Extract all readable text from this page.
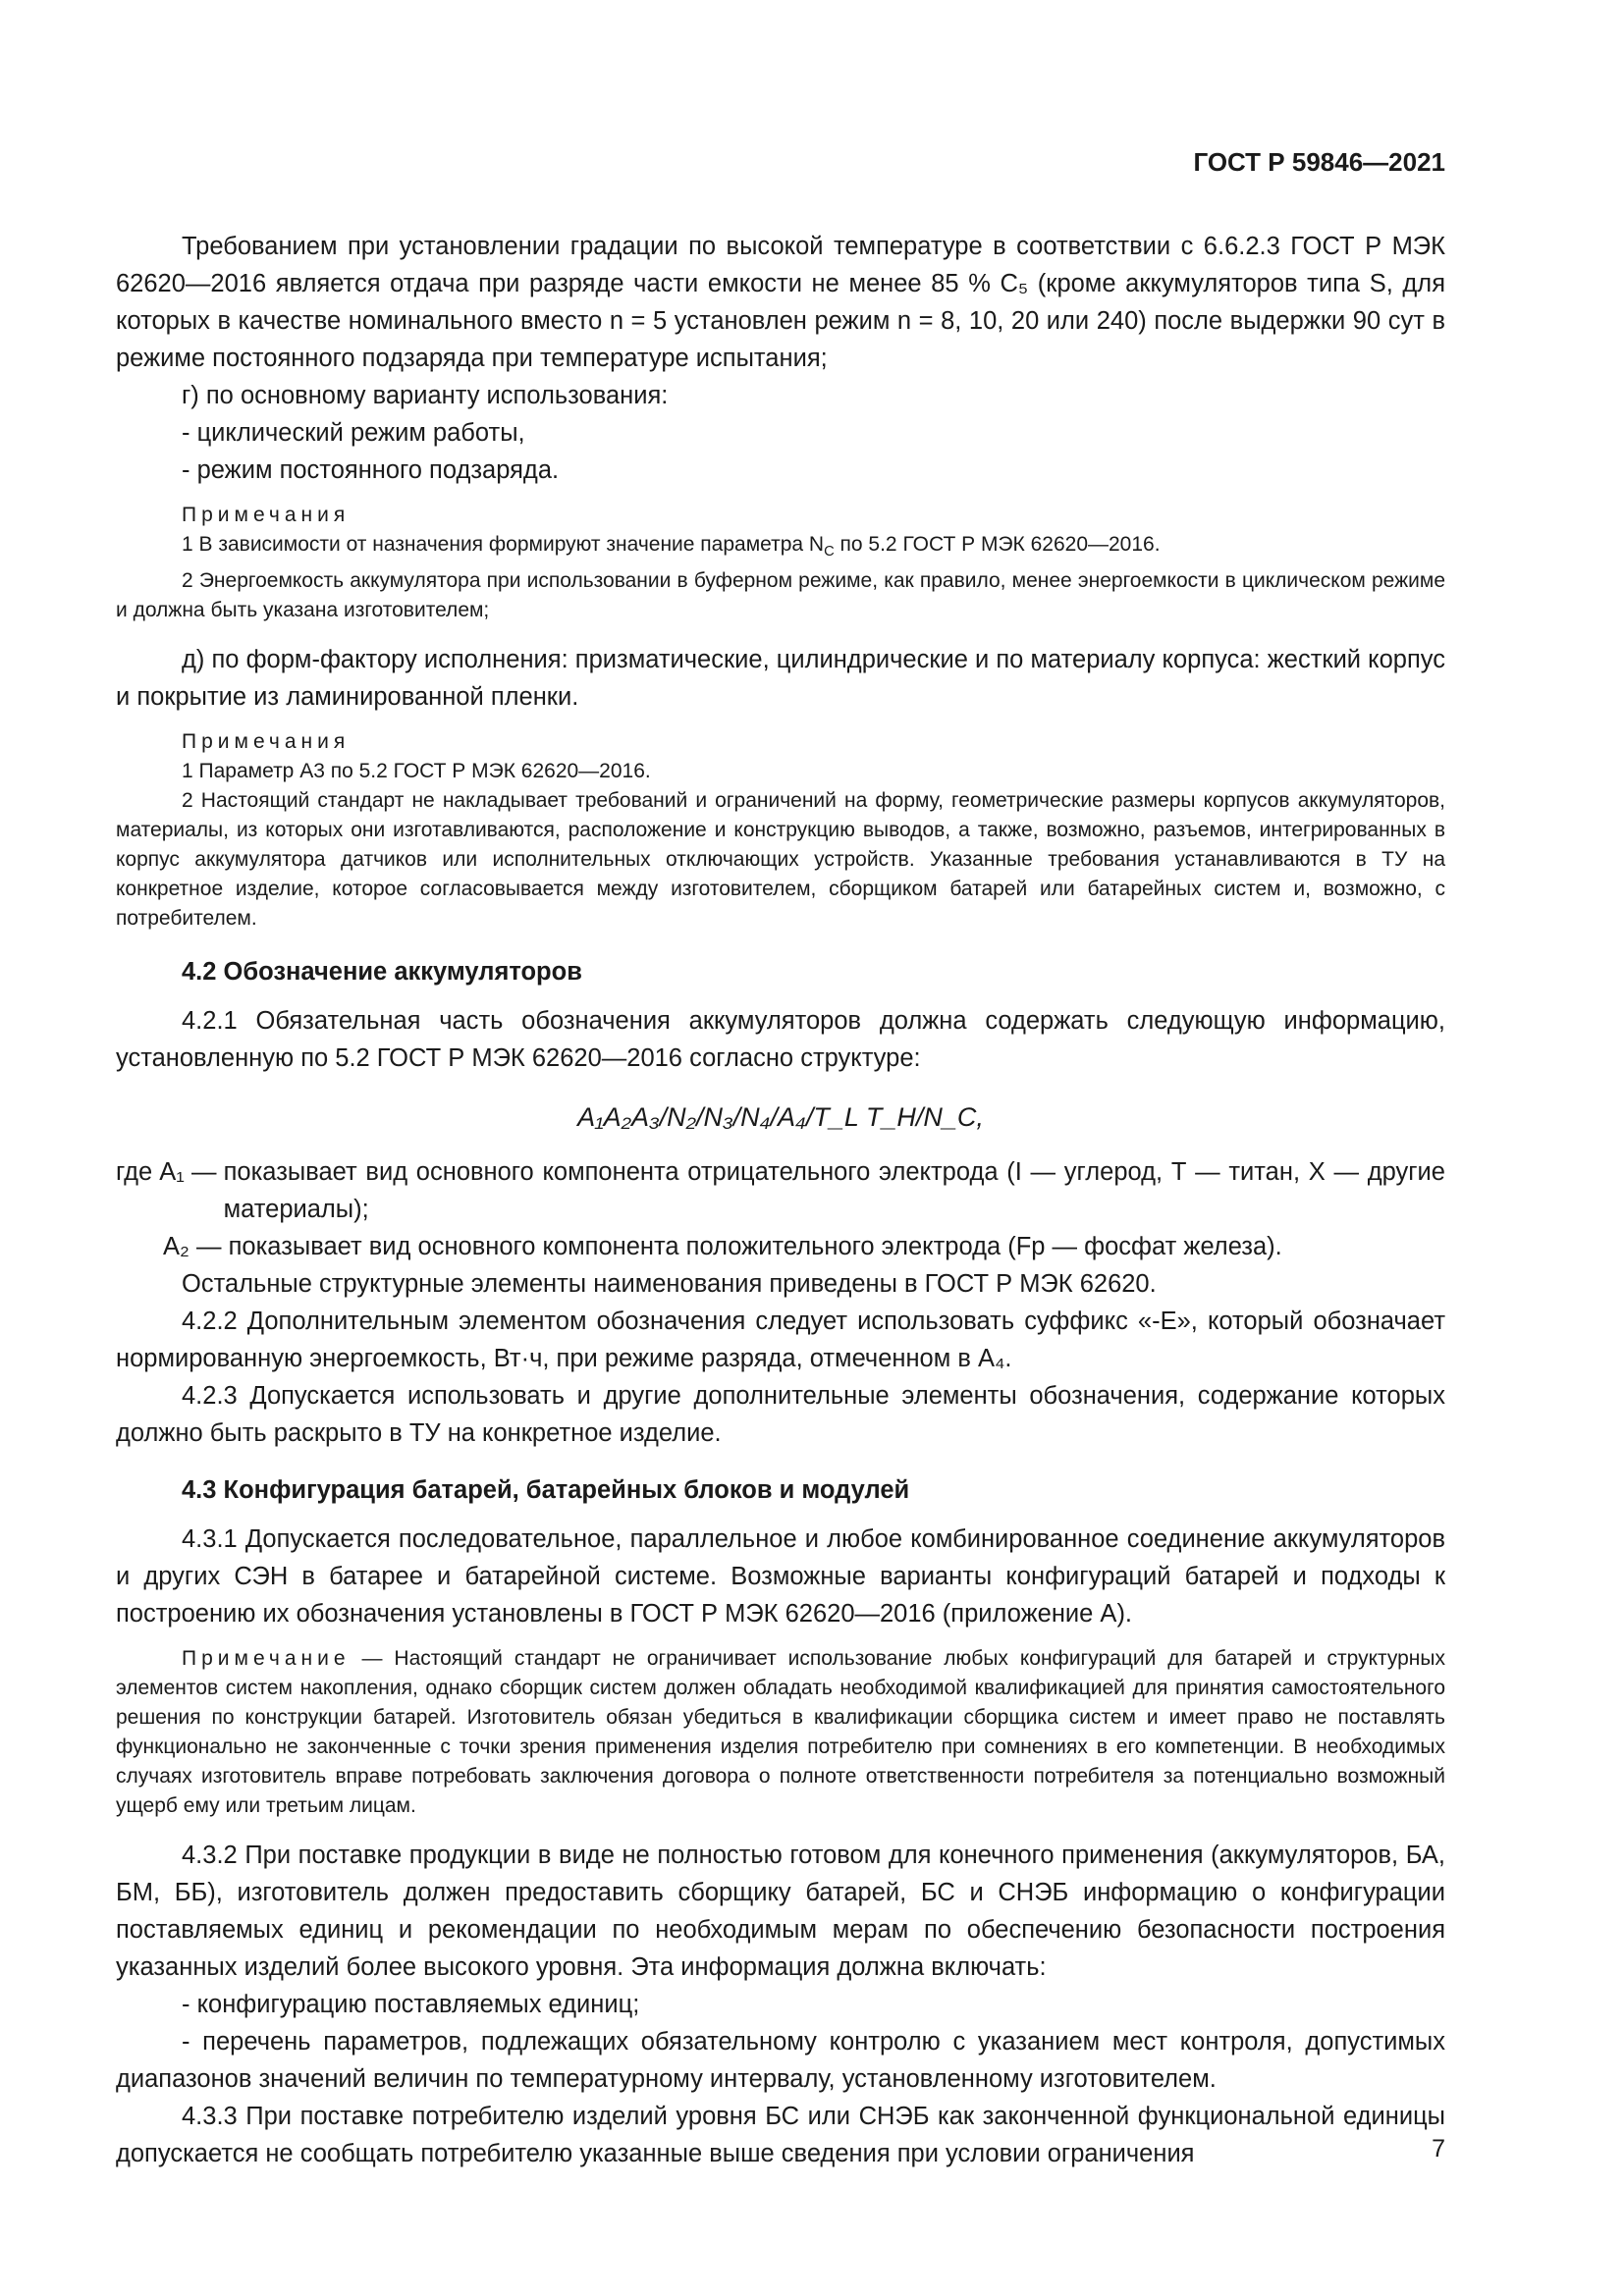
ГОСТ Р 59846—2021

Требованием при установлении градации по высокой температуре в соответствии с 6.6.2.3 ГОСТ Р МЭК 62620—2016 является отдача при разряде части емкости не менее 85 % C₅ (кроме аккумуляторов типа S, для которых в качестве номинального вместо n = 5 установлен режим n = 8, 10, 20 или 240) после выдержки 90 сут в режиме постоянного подзаряда при температуре испытания;

г) по основному варианту использования:

- циклический режим работы,

- режим постоянного подзаряда.

Примечания

1 В зависимости от назначения формируют значение параметра $N_C$ по 5.2 ГОСТ Р МЭК 62620—2016.

2 Энергоемкость аккумулятора при использовании в буферном режиме, как правило, менее энергоемкости в циклическом режиме и должна быть указана изготовителем;

д) по форм-фактору исполнения: призматические, цилиндрические и по материалу корпуса: жесткий корпус и покрытие из ламинированной пленки.

Примечания

1 Параметр А3 по 5.2 ГОСТ Р МЭК 62620—2016.

2 Настоящий стандарт не накладывает требований и ограничений на форму, геометрические размеры корпусов аккумуляторов, материалы, из которых они изготавливаются, расположение и конструкцию выводов, а также, возможно, разъемов, интегрированных в корпус аккумулятора датчиков или исполнительных отключающих устройств. Указанные требования устанавливаются в ТУ на конкретное изделие, которое согласовывается между изготовителем, сборщиком батарей или батарейных систем и, возможно, с потребителем.

4.2 Обозначение аккумуляторов

4.2.1 Обязательная часть обозначения аккумуляторов должна содержать следующую информацию, установленную по 5.2 ГОСТ Р МЭК 62620—2016 согласно структуре:

A₁A₂A₃/N₂/N₃/N₄/A₄/T_L T_H/N_C,
где A₁ —
показывает вид основного компонента отрицательного электрода (I — углерод, Т — титан, X — другие материалы);
A₂ —
показывает вид основного компонента положительного электрода (Fp — фосфат железа).

Остальные структурные элементы наименования приведены в ГОСТ Р МЭК 62620.

4.2.2 Дополнительным элементом обозначения следует использовать суффикс «-E», который обозначает нормированную энергоемкость, Вт·ч, при режиме разряда, отмеченном в A₄.

4.2.3 Допускается использовать и другие дополнительные элементы обозначения, содержание которых должно быть раскрыто в ТУ на конкретное изделие.

4.3 Конфигурация батарей, батарейных блоков и модулей

4.3.1 Допускается последовательное, параллельное и любое комбинированное соединение аккумуляторов и других СЭН в батарее и батарейной системе. Возможные варианты конфигураций батарей и подходы к построению их обозначения установлены в ГОСТ Р МЭК 62620—2016 (приложение А).

Примечание — Настоящий стандарт не ограничивает использование любых конфигураций для батарей и структурных элементов систем накопления, однако сборщик систем должен обладать необходимой квалификацией для принятия самостоятельного решения по конструкции батарей. Изготовитель обязан убедиться в квалификации сборщика систем и имеет право не поставлять функционально не законченные с точки зрения применения изделия потребителю при сомнениях в его компетенции. В необходимых случаях изготовитель вправе потребовать заключения договора о полноте ответственности потребителя за потенциально возможный ущерб ему или третьим лицам.

4.3.2 При поставке продукции в виде не полностью готовом для конечного применения (аккумуляторов, БА, БМ, ББ), изготовитель должен предоставить сборщику батарей, БС и СНЭБ информацию о конфигурации поставляемых единиц и рекомендации по необходимым мерам по обеспечению безопасности построения указанных изделий более высокого уровня. Эта информация должна включать:

- конфигурацию поставляемых единиц;

- перечень параметров, подлежащих обязательному контролю с указанием мест контроля, допустимых диапазонов значений величин по температурному интервалу, установленному изготовителем.

4.3.3 При поставке потребителю изделий уровня БС или СНЭБ как законченной функциональной единицы допускается не сообщать потребителю указанные выше сведения при условии ограничения	7
